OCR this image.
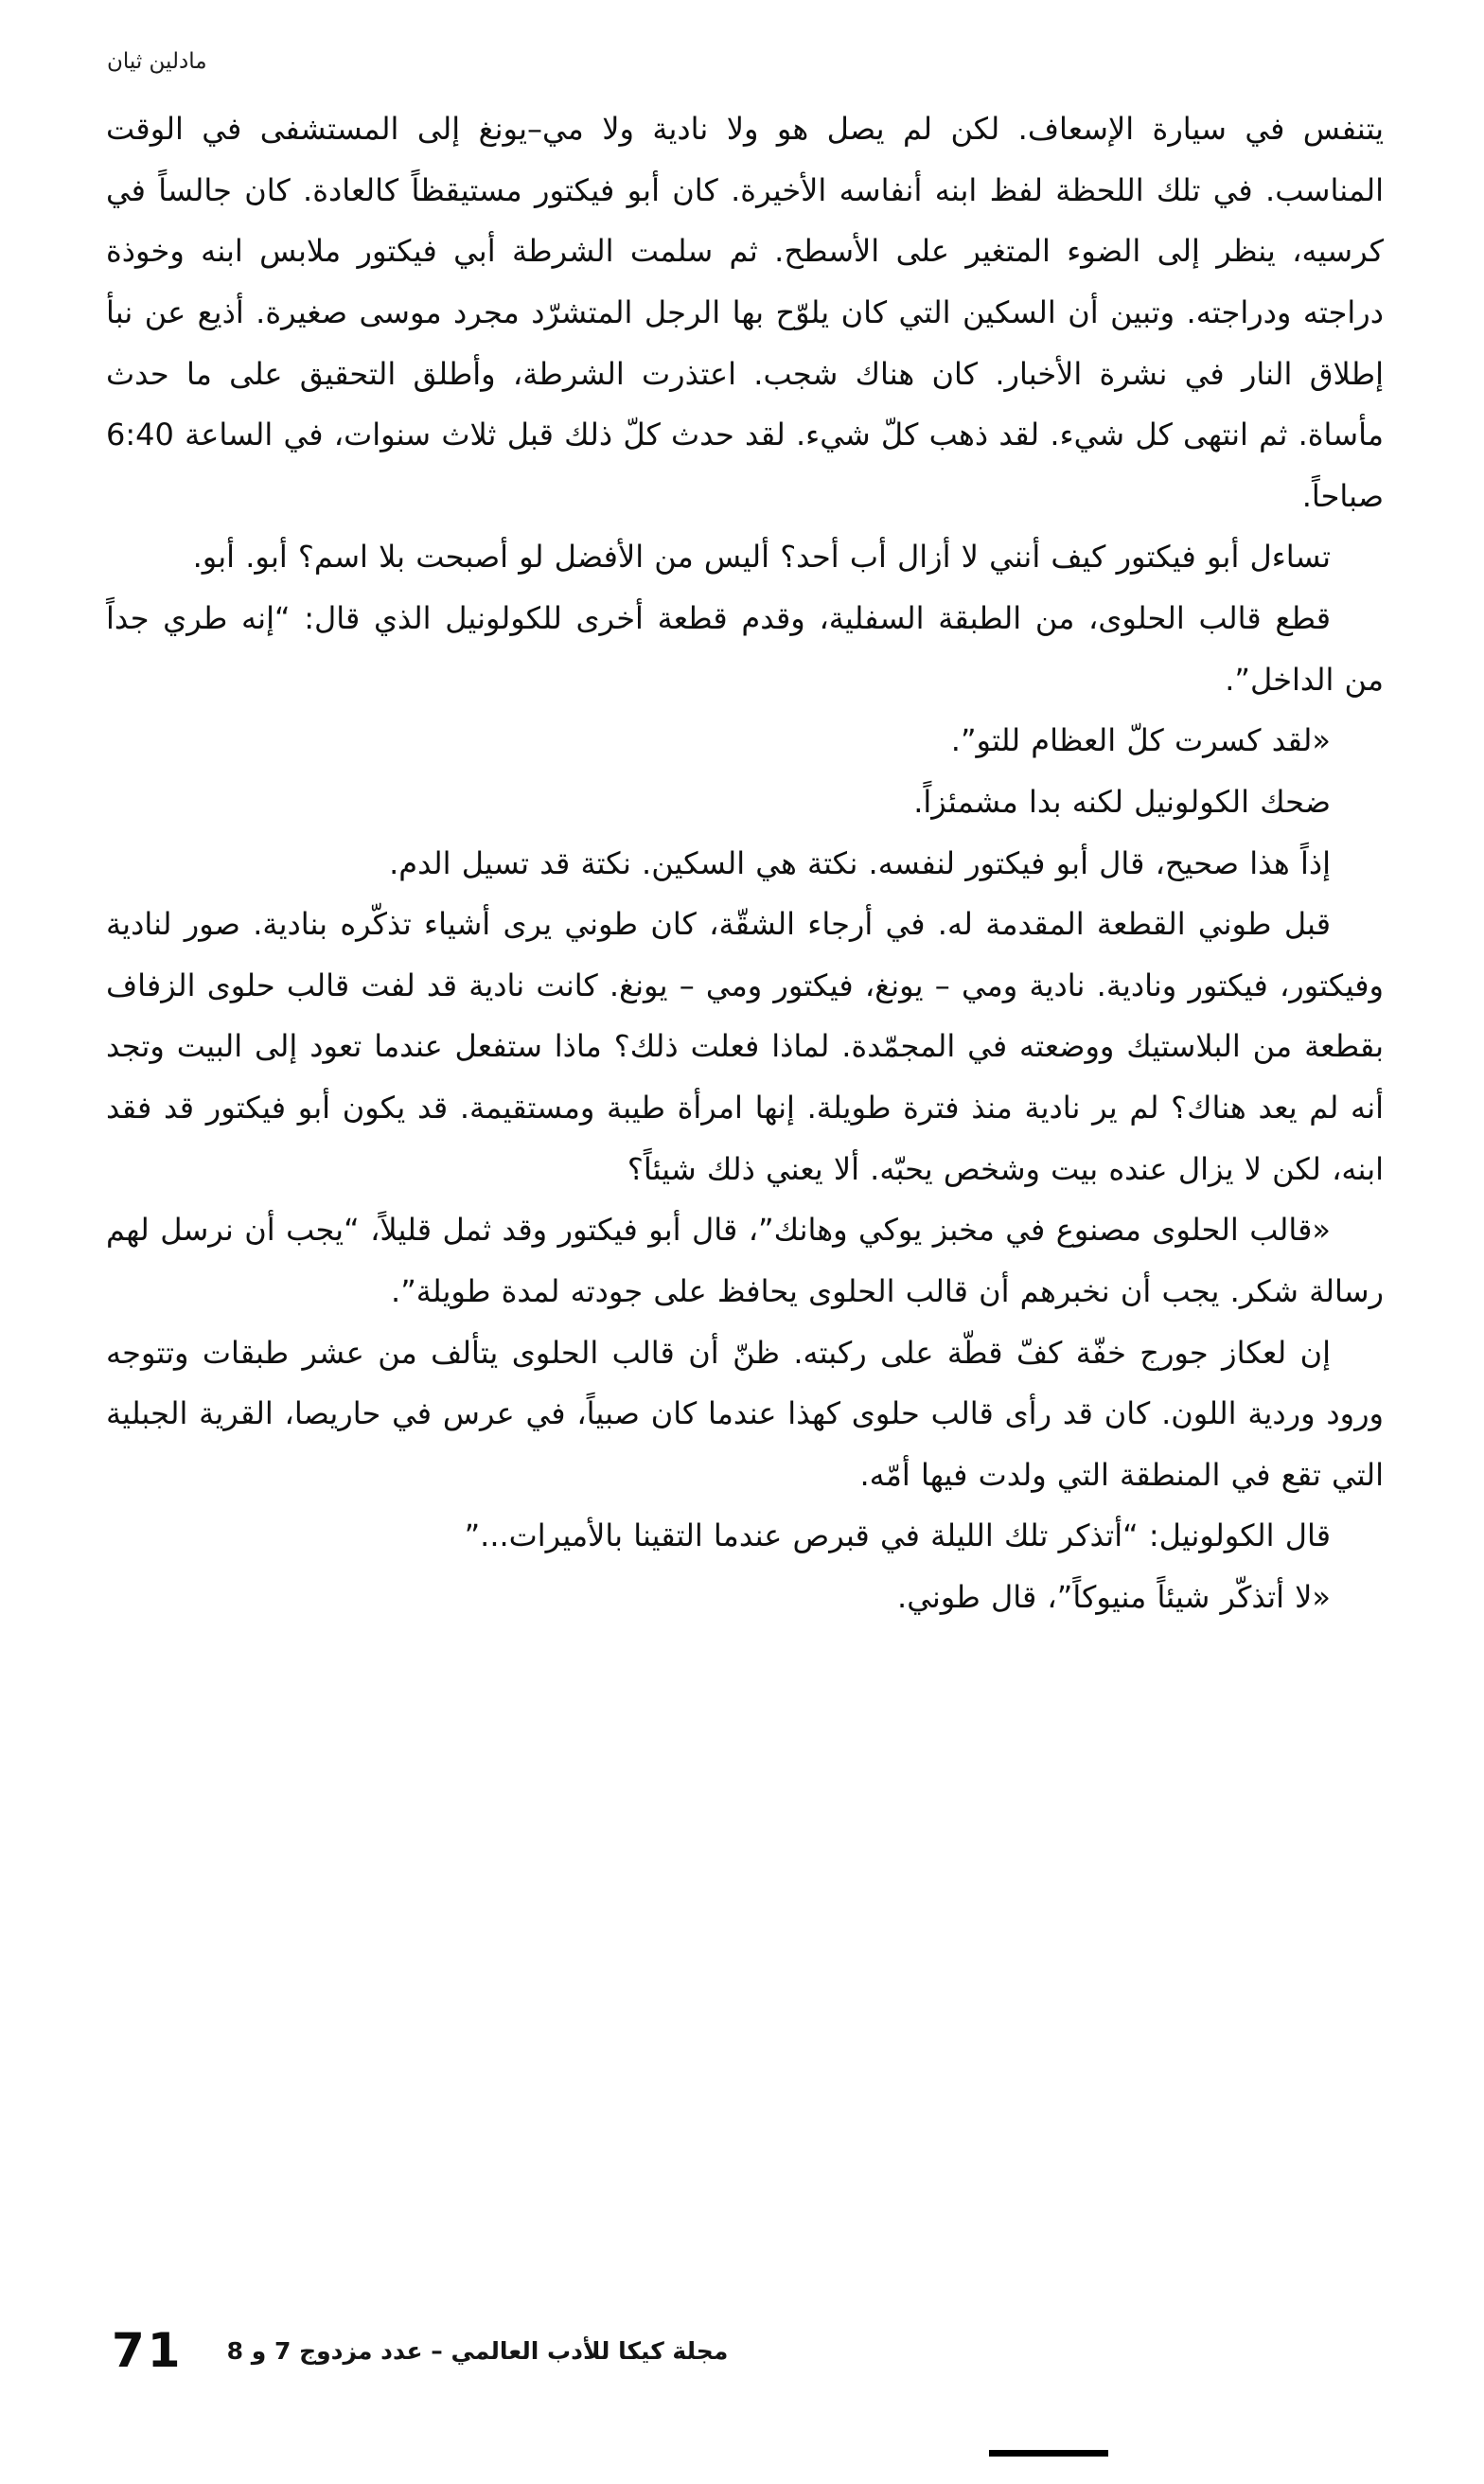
مادلين ثيان

يتنفس في سيارة الإسعاف. لكن لم يصل هو ولا نادية ولا مي–يونغ إلى المستشفى في الوقت المناسب. في تلك اللحظة لفظ ابنه أنفاسه الأخيرة. كان أبو فيكتور مستيقظاً كالعادة. كان جالساً في كرسيه، ينظر إلى الضوء المتغير على الأسطح. ثم سلمت الشرطة أبي فيكتور ملابس ابنه وخوذة دراجته ودراجته. وتبين أن السكين التي كان يلوّح بها الرجل المتشرّد مجرد موسى صغيرة. أذيع عن نبأ إطلاق النار في نشرة الأخبار. كان هناك شجب. اعتذرت الشرطة، وأطلق التحقيق على ما حدث مأساة. ثم انتهى كل شيء. لقد ذهب كلّ شيء. لقد حدث كلّ ذلك قبل ثلاث سنوات، في الساعة 6:40 صباحاً.

تساءل أبو فيكتور كيف أنني لا أزال أب أحد؟ أليس من الأفضل لو أصبحت بلا اسم؟ أبو. أبو.

قطع قالب الحلوى، من الطبقة السفلية، وقدم قطعة أخرى للكولونيل الذي قال: “إنه طري جداً من الداخل”.

«لقد كسرت كلّ العظام للتو”.

ضحك الكولونيل لكنه بدا مشمئزاً.

إذاً هذا صحيح، قال أبو فيكتور لنفسه. نكتة هي السكين. نكتة قد تسيل الدم.

قبل طوني القطعة المقدمة له. في أرجاء الشقّة، كان طوني يرى أشياء تذكّره بنادية. صور لنادية وفيكتور، فيكتور ونادية. نادية ومي – يونغ، فيكتور ومي – يونغ. كانت نادية قد لفت قالب حلوى الزفاف بقطعة من البلاستيك ووضعته في المجمّدة. لماذا فعلت ذلك؟ ماذا ستفعل عندما تعود إلى البيت وتجد أنه لم يعد هناك؟ لم ير نادية منذ فترة طويلة. إنها امرأة طيبة ومستقيمة. قد يكون أبو فيكتور قد فقد ابنه، لكن لا يزال عنده بيت وشخص يحبّه. ألا يعني ذلك شيئاً؟

«قالب الحلوى مصنوع في مخبز يوكي وهانك”، قال أبو فيكتور وقد ثمل قليلاً، “يجب أن نرسل لهم رسالة شكر. يجب أن نخبرهم أن قالب الحلوى يحافظ على جودته لمدة طويلة”.

إن لعكاز جورج خفّة كفّ قطّة على ركبته. ظنّ أن قالب الحلوى يتألف من عشر طبقات وتتوجه ورود وردية اللون. كان قد رأى قالب حلوى كهذا عندما كان صبياً، في عرس في حاريصا، القرية الجبلية التي تقع في المنطقة التي ولدت فيها أمّه.

قال الكولونيل: “أتذكر تلك الليلة في قبرص عندما التقينا بالأميرات...”

«لا أتذكّر شيئاً منيوكاً”، قال طوني.

71 مجلة كيكا للأدب العالمي – عدد مزدوج 7 و 8
